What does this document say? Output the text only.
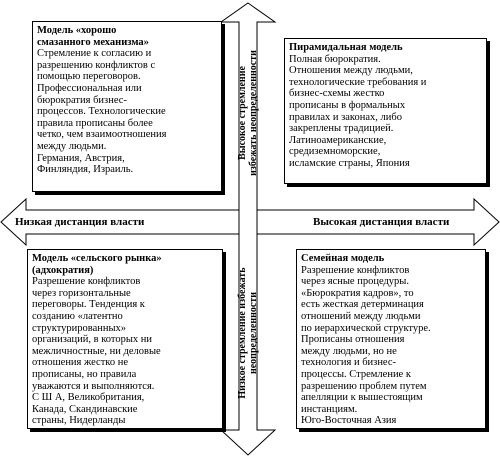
Низкая дистанция власти	Высокая дистанция власти
Высокое стремление
избежать неопределенности
Низкое стремление избежать
неопределенности
Модель «хорошо
смазанного механизма»
Стремление к согласию и
разрешению конфликтов с
помощью переговоров.
Профессиональная или
бюрократия бизнес-
процессов. Технологические
правила прописаны более
четко, чем взаимоотношения
между людьми.
Германия, Австрия,
Финляндия, Израиль.
Пирамидальная модель
Полная бюрократия.
Отношения между людьми,
технологические требования и
бизнес-схемы жестко
прописаны в формальных
правилах и законах, либо
закреплены традицией.
Латиноамериканские,
средиземноморские,
исламские страны, Япония
Модель «сельского рынка»
(адхократия)
Разрешение конфликтов
через горизонтальные
переговоры. Тенденция к
созданию «латентно
структурированных»
организаций, в которых ни
межличностные, ни деловые
отношения жестко не
прописаны, но правила
уважаются и выполняются.
С Ш А, Великобритания,
Канада, Скандинавские
страны, Нидерланды
Семейная модель
Разрешение конфликтов
через ясные процедуры.
«Бюрократия кадров», то
есть жесткая детерминация
отношений между людьми
по иерархической структуре.
Прописаны отношения
между людьми, но не
технология и бизнес-
процессы. Стремление к
разрешению проблем путем
апелляции к вышестоящим
инстанциям.
Юго-Восточная Азия
